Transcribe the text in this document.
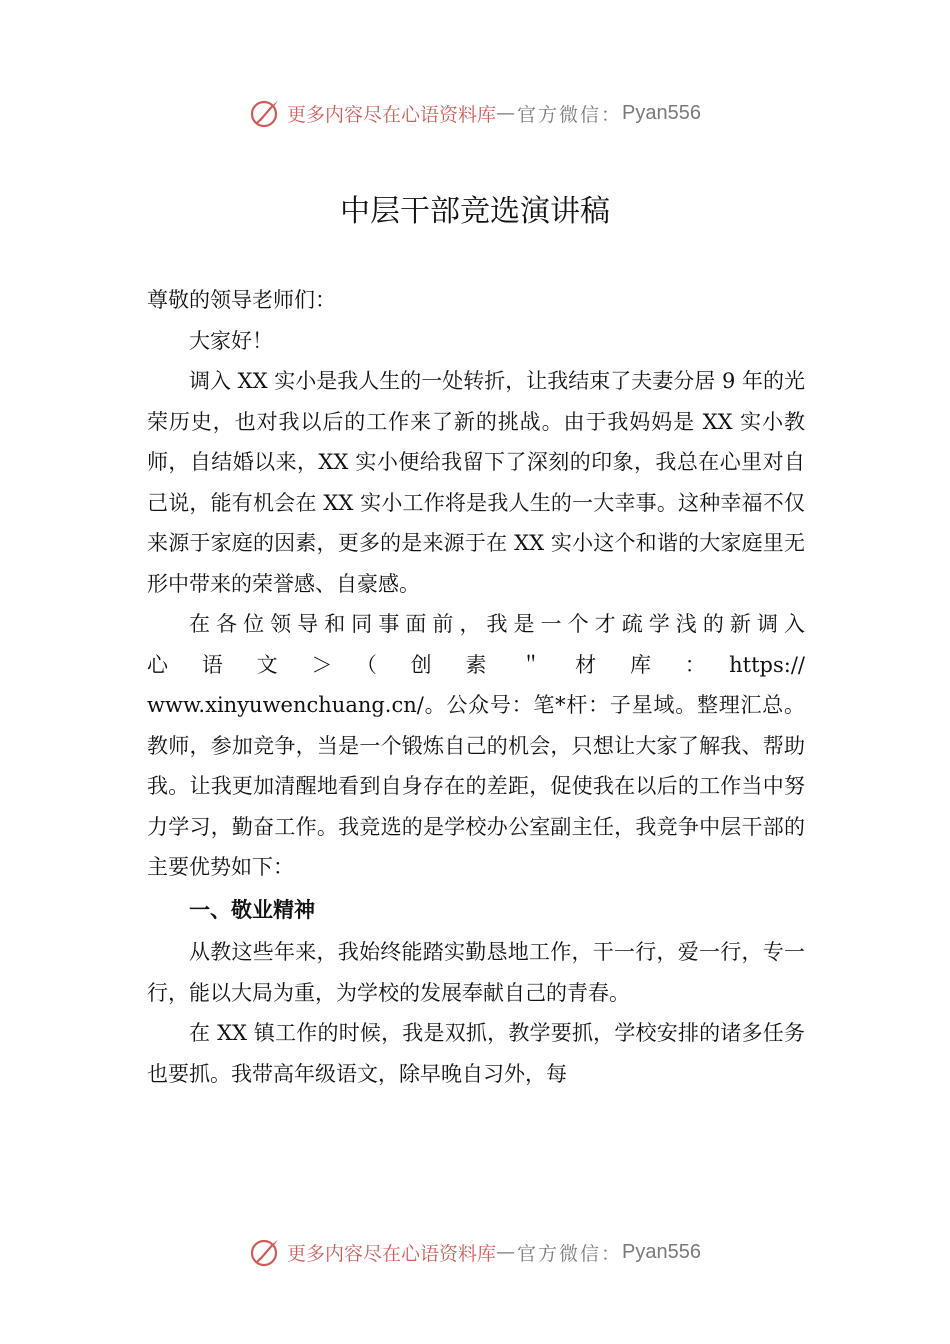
更多内容尽在心语资料库 — 官方微信： Pyan556
中层干部竞选演讲稿

尊敬的领导老师们：

大家好！

调入 XX 实小是我人生的一处转折，让我结束了夫妻分居 9 年的光荣历史，也对我以后的工作来了新的挑战。由于我妈妈是 XX 实小教师，自结婚以来，XX 实小便给我留下了深刻的印象，我总在心里对自己说，能有机会在 XX 实小工作将是我人生的一大幸事。这种幸福不仅来源于家庭的因素，更多的是来源于在 XX 实小这个和谐的大家庭里无形中带来的荣誉感、自豪感。

在各位领导和同事面前，我是一个才疏学浅的新调入

心　语　文　＞　（　创　素　＂　材　库　：　https://

www.xinyuwenchuang.cn/。公众号：笔*杆：子星域。整理汇总。教师，参加竞争，当是一个锻炼自己的机会，只想让大家了解我、帮助我。让我更加清醒地看到自身存在的差距，促使我在以后的工作当中努力学习，勤奋工作。我竞选的是学校办公室副主任，我竞争中层干部的主要优势如下：

一、敬业精神

从教这些年来，我始终能踏实勤恳地工作，干一行，爱一行，专一行，能以大局为重，为学校的发展奉献自己的青春。

在 XX 镇工作的时候，我是双抓，教学要抓，学校安排的诸多任务也要抓。我带高年级语文，除早晚自习外，每

更多内容尽在心语资料库 — 官方微信： Pyan556
